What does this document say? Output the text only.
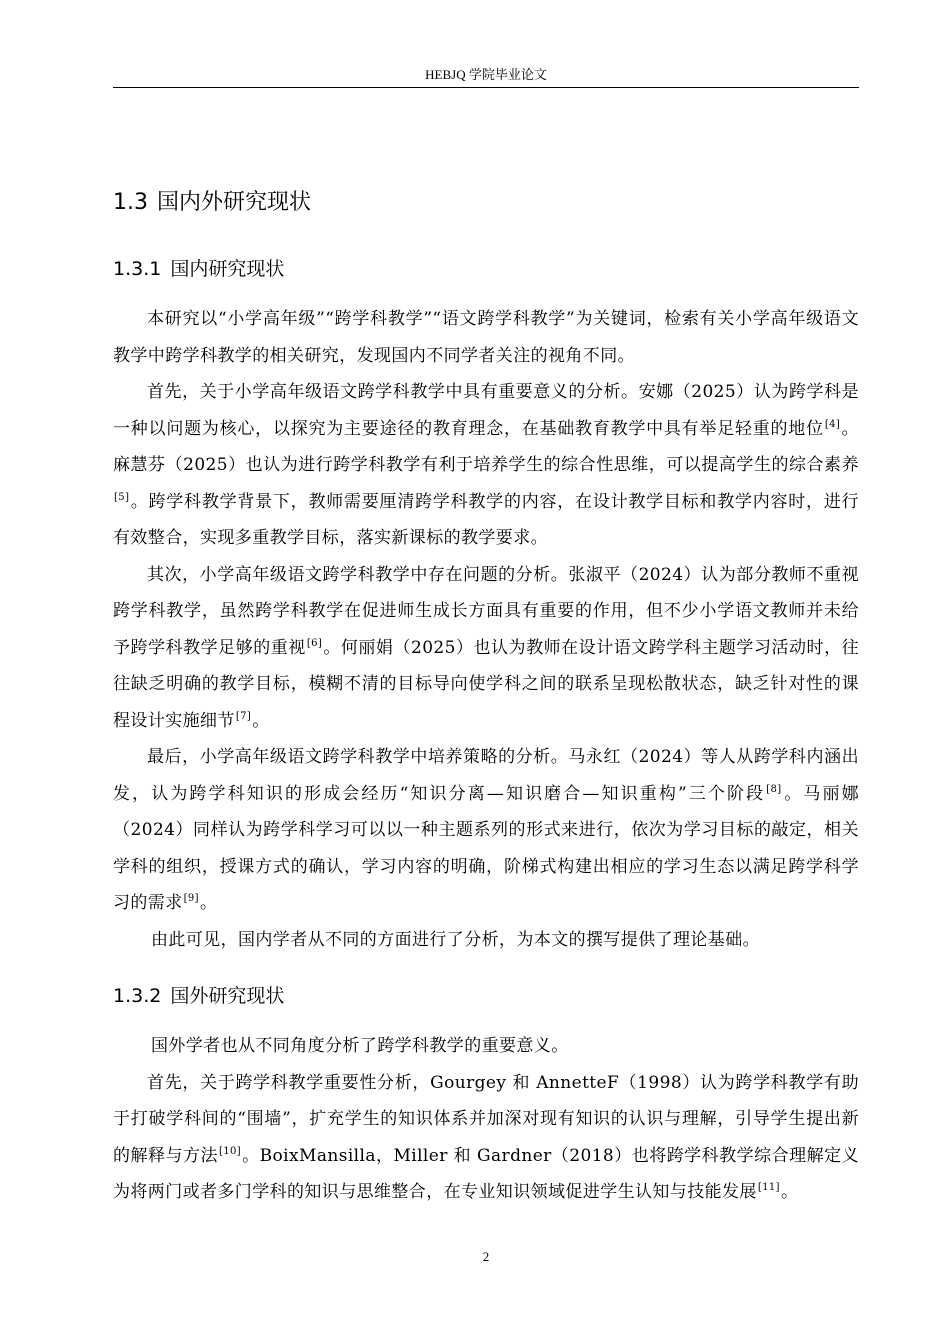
HEBJQ 学院毕业论文
1.3 国内外研究现状
1.3.1 国内研究现状

本研究以“小学高年级”“跨学科教学”“语文跨学科教学”为关键词，检索有关小学高年级语文教学中跨学科教学的相关研究，发现国内不同学者关注的视角不同。

首先，关于小学高年级语文跨学科教学中具有重要意义的分析。安娜（2025）认为跨学科是一种以问题为核心，以探究为主要途径的教育理念，在基础教育教学中具有举足轻重的地位[4]。麻慧芬（2025）也认为进行跨学科教学有利于培养学生的综合性思维，可以提高学生的综合素养[5]。跨学科教学背景下，教师需要厘清跨学科教学的内容，在设计教学目标和教学内容时，进行有效整合，实现多重教学目标，落实新课标的教学要求。

其次，小学高年级语文跨学科教学中存在问题的分析。张淑平（2024）认为部分教师不重视跨学科教学，虽然跨学科教学在促进师生成长方面具有重要的作用，但不少小学语文教师并未给予跨学科教学足够的重视[6]。何丽娟（2025）也认为教师在设计语文跨学科主题学习活动时，往往缺乏明确的教学目标，模糊不清的目标导向使学科之间的联系呈现松散状态，缺乏针对性的课程设计实施细节[7]。

最后，小学高年级语文跨学科教学中培养策略的分析。马永红（2024）等人从跨学科内涵出发，认为跨学科知识的形成会经历“知识分离—知识磨合—知识重构”三个阶段[8]。马丽娜（2024）同样认为跨学科学习可以以一种主题系列的形式来进行，依次为学习目标的敲定，相关学科的组织，授课方式的确认，学习内容的明确，阶梯式构建出相应的学习生态以满足跨学科学习的需求[9]。

由此可见，国内学者从不同的方面进行了分析，为本文的撰写提供了理论基础。

1.3.2 国外研究现状

国外学者也从不同角度分析了跨学科教学的重要意义。

首先，关于跨学科教学重要性分析，Gourgey 和 AnnetteF（1998）认为跨学科教学有助于打破学科间的“围墙”，扩充学生的知识体系并加深对现有知识的认识与理解，引导学生提出新的解释与方法[10]。BoixMansilla，Miller 和 Gardner（2018）也将跨学科教学综合理解定义为将两门或者多门学科的知识与思维整合，在专业知识领域促进学生认知与技能发展[11]。

2
